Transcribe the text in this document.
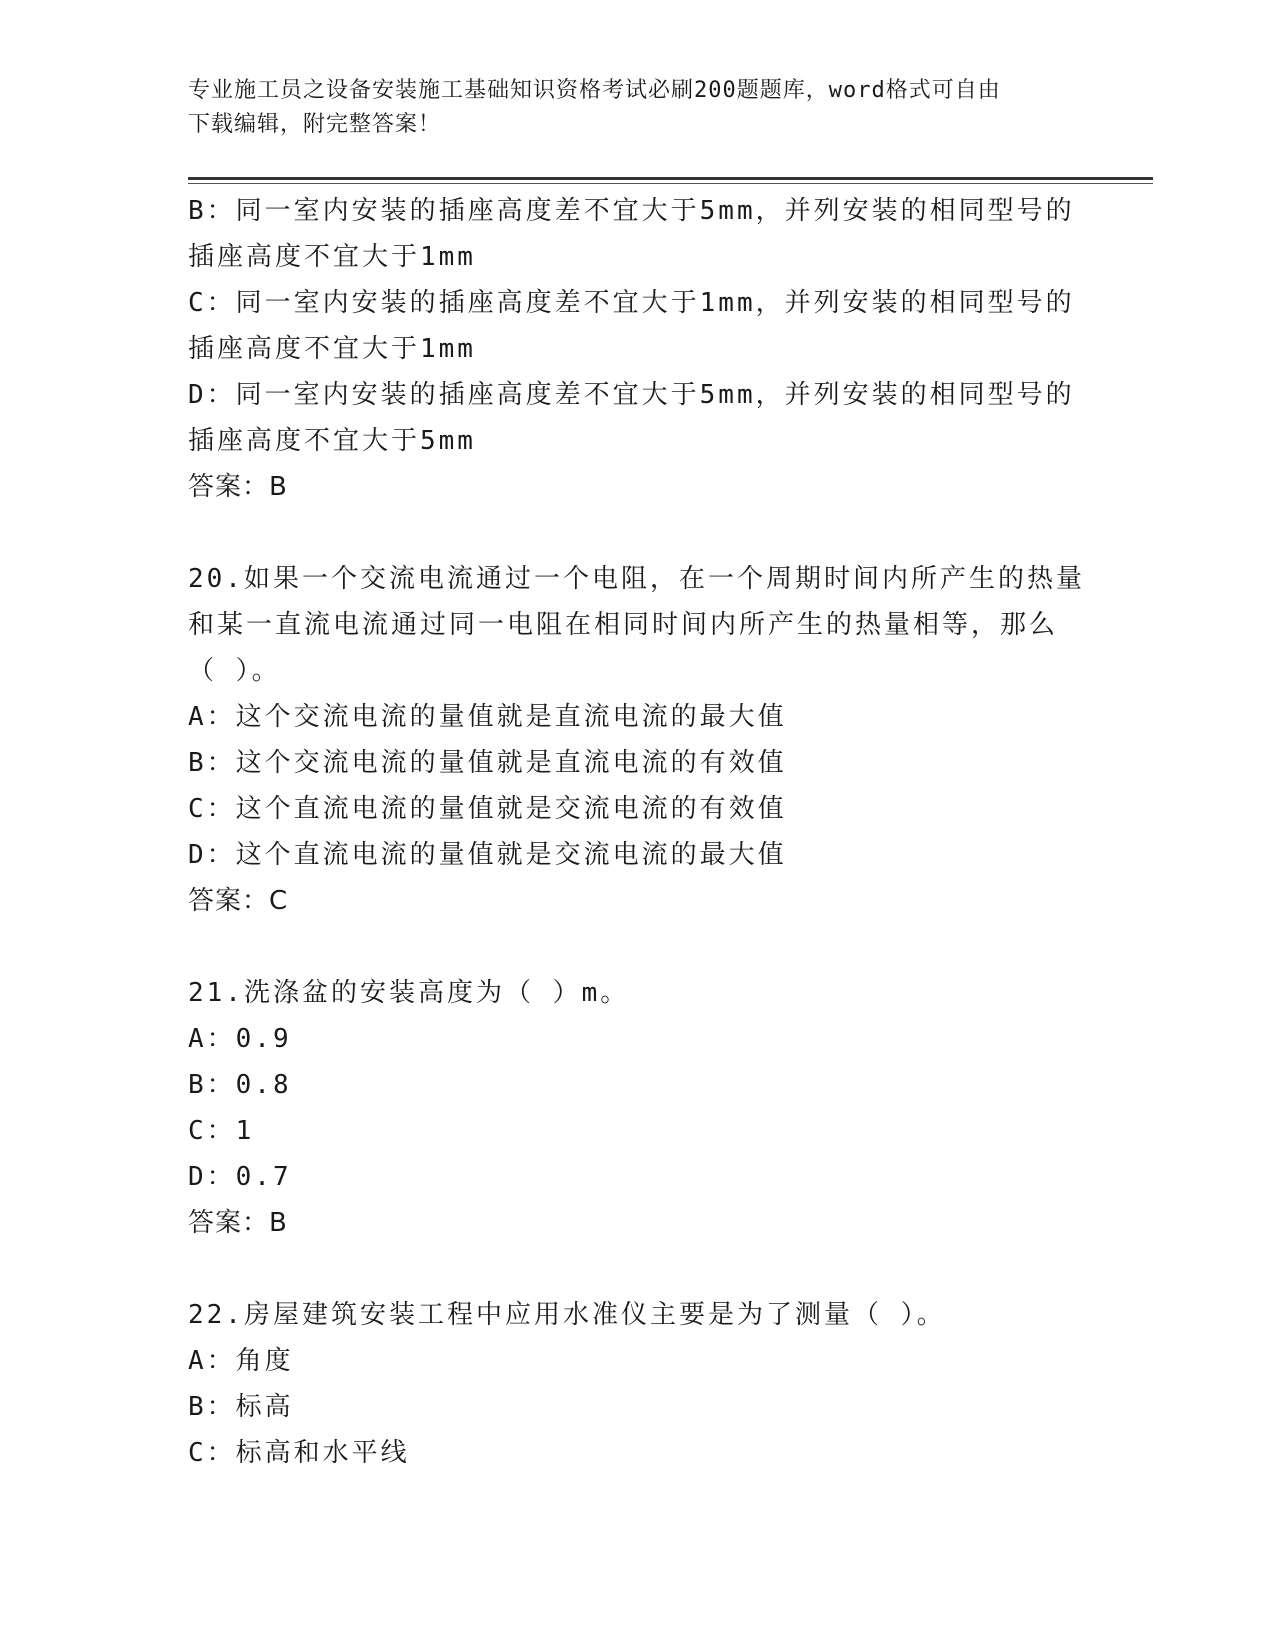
专业施工员之设备安装施工基础知识资格考试必刷200题题库，word格式可自由
下载编辑，附完整答案！
B：同一室内安装的插座高度差不宜大于5mm，并列安装的相同型号的
插座高度不宜大于1mm
C：同一室内安装的插座高度差不宜大于1mm，并列安装的相同型号的
插座高度不宜大于1mm
D：同一室内安装的插座高度差不宜大于5mm，并列安装的相同型号的
插座高度不宜大于5mm
答案：B
20.如果一个交流电流通过一个电阻，在一个周期时间内所产生的热量
和某一直流电流通过同一电阻在相同时间内所产生的热量相等，那么
（ ）。
A：这个交流电流的量值就是直流电流的最大值
B：这个交流电流的量值就是直流电流的有效值
C：这个直流电流的量值就是交流电流的有效值
D：这个直流电流的量值就是交流电流的最大值
答案：C
21.洗涤盆的安装高度为（ ）m。
A：0.9
B：0.8
C：1
D：0.7
答案：B
22.房屋建筑安装工程中应用水准仪主要是为了测量（ ）。
A：角度
B：标高
C：标高和水平线
